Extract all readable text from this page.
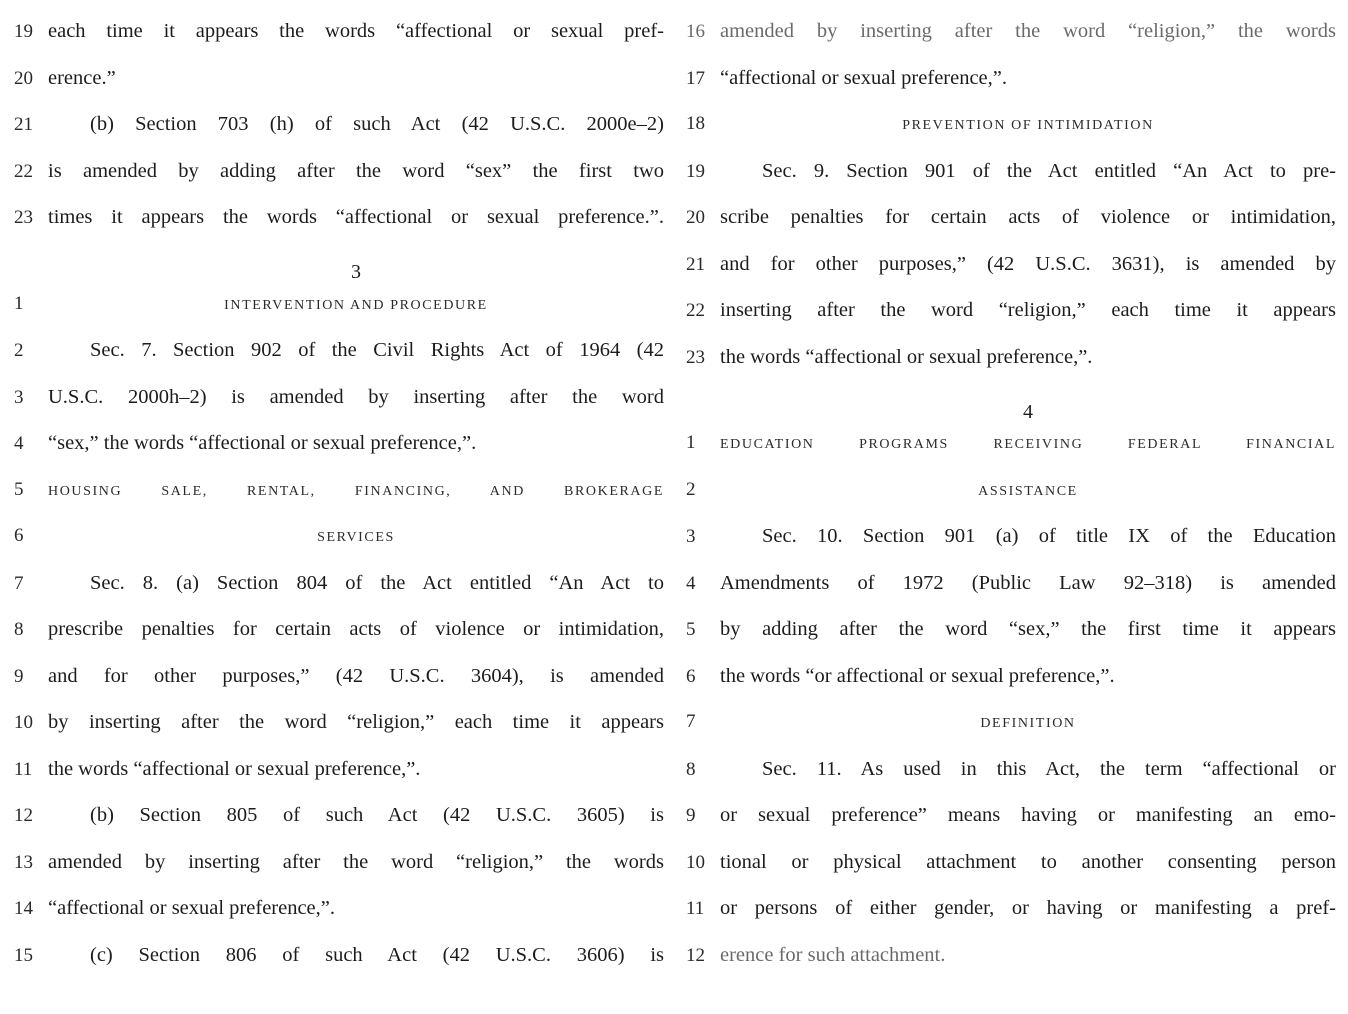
19 each time it appears the words “affectional or sexual pref-
20 erence.”
21	(b) Section 703 (h) of such Act (42 U.S.C. 2000e–2)
22 is amended by adding after the word “sex” the first two
23 times it appears the words “affectional or sexual preference.”.
3
1	INTERVENTION AND PROCEDURE
2	Sec. 7. Section 902 of the Civil Rights Act of 1964 (42
3	U.S.C. 2000h–2) is amended by inserting after the word
4	“sex,” the words “affectional or sexual preference,”.
5	HOUSING SALE, RENTAL, FINANCING, AND BROKERAGE
6	SERVICES
7	Sec. 8. (a) Section 804 of the Act entitled “An Act to
8	prescribe penalties for certain acts of violence or intimidation,
9	and for other purposes,” (42 U.S.C. 3604), is amended
10 by inserting after the word “religion,” each time it appears
11 the words “affectional or sexual preference,”.
12	(b) Section 805 of such Act (42 U.S.C. 3605) is
13 amended by inserting after the word “religion,” the words
14 “affectional or sexual preference,”.
15	(c) Section 806 of such Act (42 U.S.C. 3606) is
16 amended by inserting after the word “religion,” the words
17 “affectional or sexual preference,”.
18	PREVENTION OF INTIMIDATION
19	Sec. 9. Section 901 of the Act entitled “An Act to pre-
20 scribe penalties for certain acts of violence or intimidation,
21 and for other purposes,” (42 U.S.C. 3631), is amended by
22 inserting after the word “religion,” each time it appears
23 the words “affectional or sexual preference,”.
4
1	EDUCATION PROGRAMS RECEIVING FEDERAL FINANCIAL
2	ASSISTANCE
3	Sec. 10. Section 901 (a) of title IX of the Education
4	Amendments of 1972 (Public Law 92–318) is amended
5	by adding after the word “sex,” the first time it appears
6	the words “or affectional or sexual preference,”.
7	DEFINITION
8	Sec. 11. As used in this Act, the term “affectional or
9	or sexual preference” means having or manifesting an emo-
10 tional or physical attachment to another consenting person
11 or persons of either gender, or having or manifesting a pref-
12 erence for such attachment.
